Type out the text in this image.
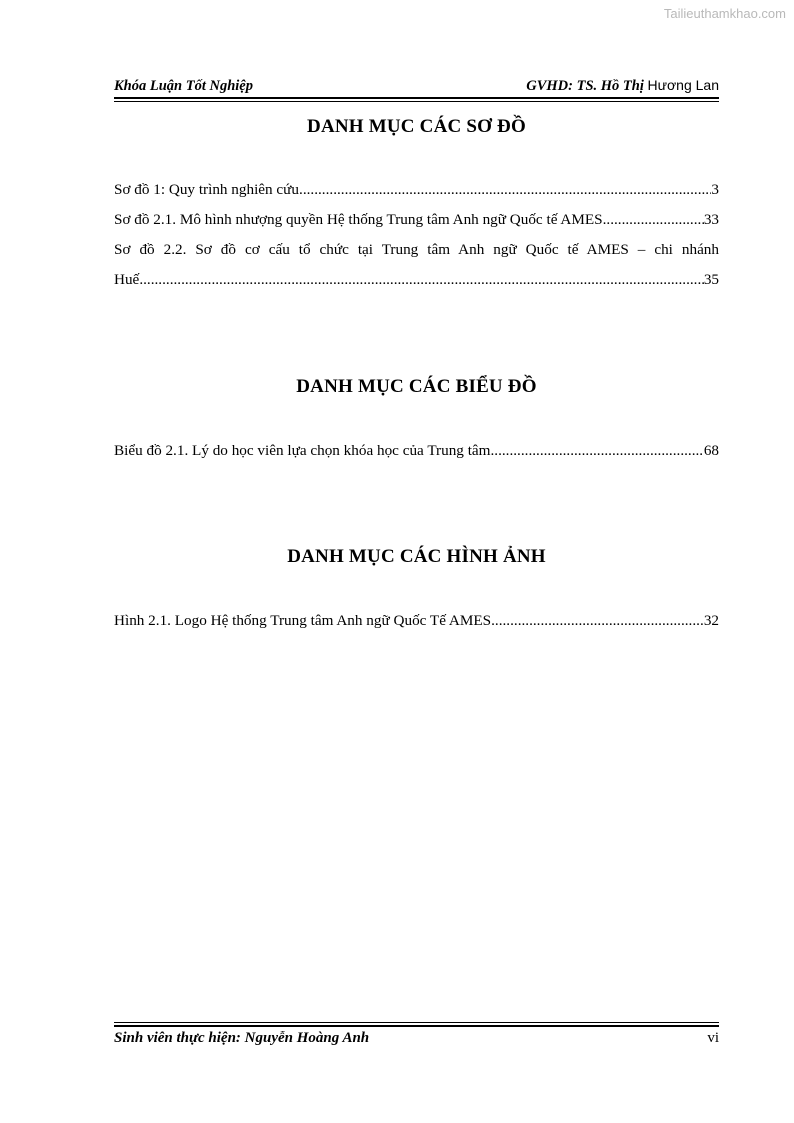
Tailieuthamkhao.com
Khóa Luận Tốt Nghiệp	GVHD: TS. Hồ Thị Hương Lan
DANH MỤC CÁC SƠ ĐỒ
Sơ đồ 1: Quy trình nghiên cứu .....	3
Sơ đồ 2.1. Mô hình nhượng quyền Hệ thống Trung tâm Anh ngữ Quốc tế AMES .....	33
Sơ đồ 2.2. Sơ đồ cơ cấu tổ chức tại Trung tâm Anh ngữ Quốc tế AMES – chi nhánh
Huế .....	35
DANH MỤC CÁC BIỂU ĐỒ
Biểu đồ 2.1. Lý do học viên lựa chọn khóa học của Trung tâm .....	68
DANH MỤC CÁC HÌNH ẢNH
Hình 2.1. Logo Hệ thống Trung tâm Anh ngữ Quốc Tế AMES .....	32
Sinh viên thực hiện: Nguyễn Hoàng Anh	vi
